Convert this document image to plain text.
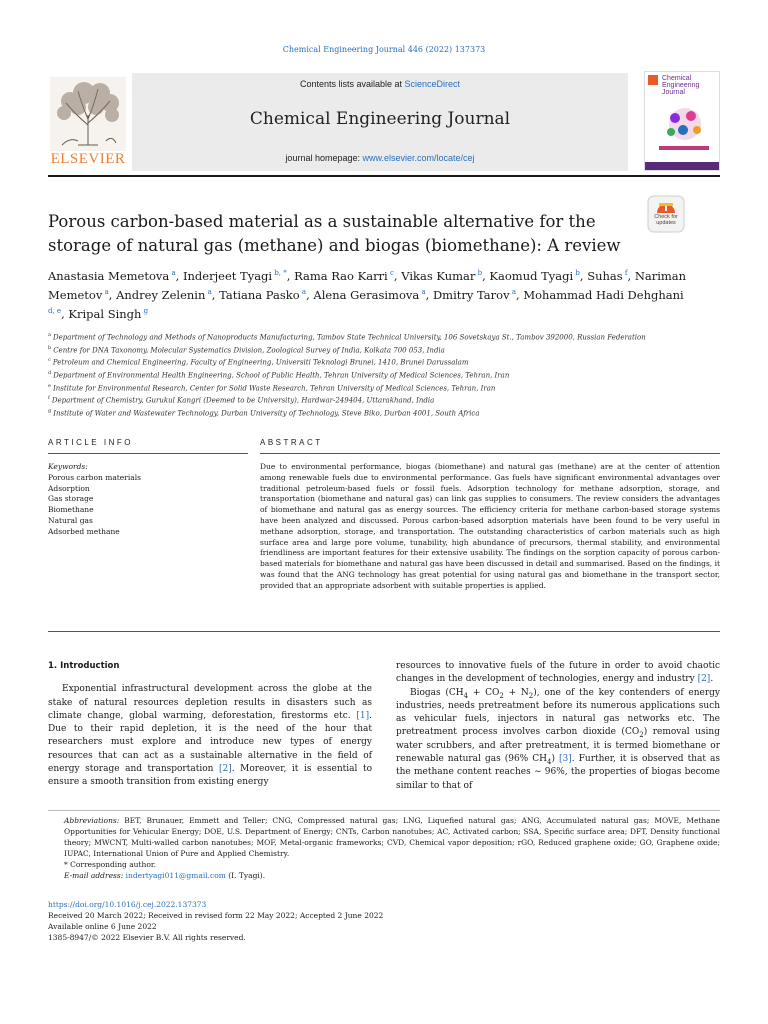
Chemical Engineering Journal 446 (2022) 137373
ELSEVIER
Contents lists available at ScienceDirect
Chemical Engineering Journal
journal homepage: www.elsevier.com/locate/cej
Chemical Engineering Journal
Porous carbon-based material as a sustainable alternative for the storage of natural gas (methane) and biogas (biomethane): A review
Check for updates
Anastasia Memetova $^a$, Inderjeet Tyagi $^{b, *}$, Rama Rao Karri $^c$, Vikas Kumar $^b$, Kaomud Tyagi $^b$, Suhas $^f$, Nariman Memetov $^a$, Andrey Zelenin $^a$, Tatiana Pasko $^a$, Alena Gerasimova $^a$, Dmitry Tarov $^a$, Mohammad Hadi Dehghani $^{d, e}$, Kripal Singh $^g$
$^a$ Department of Technology and Methods of Nanoproducts Manufacturing, Tambov State Technical University, 106 Sovetskaya St., Tambov 392000, Russian Federation
$^b$ Centre for DNA Taxonomy, Molecular Systematics Division, Zoological Survey of India, Kolkata 700 053, India
$^c$ Petroleum and Chemical Engineering, Faculty of Engineering, Universiti Teknologi Brunei, 1410, Brunei Darussalam
$^d$ Department of Environmental Health Engineering, School of Public Health, Tehran University of Medical Sciences, Tehran, Iran
$^e$ Institute for Environmental Research, Center for Solid Waste Research, Tehran University of Medical Sciences, Tehran, Iran
$^f$ Department of Chemistry, Gurukul Kangri (Deemed to be University), Hardwar-249404, Uttarakhand, India
$^g$ Institute of Water and Wastewater Technology, Durban University of Technology, Steve Biko, Durban 4001, South Africa
ARTICLE INFO	ABSTRACT
Keywords:
Porous carbon materials
Adsorption
Gas storage
Biomethane
Natural gas
Adsorbed methane
Due to environmental performance, biogas (biomethane) and natural gas (methane) are at the center of attention among renewable fuels due to environmental performance. Gas fuels have significant environmental advantages over traditional petroleum-based fuels or fossil fuels. Adsorption technology for methane adsorption, storage, and transportation (biomethane and natural gas) can link gas supplies to consumers. The review considers the advantages of biomethane and natural gas as energy sources. The efficiency criteria for methane carbon-based storage systems have been analyzed and discussed. Porous carbon-based adsorption materials have been found to be very useful in methane adsorption, storage, and transportation. The outstanding characteristics of carbon materials such as high surface area and large pore volume, tunability, high abundance of precursors, thermal stability, and environmental friendliness are important features for their extensive usability. The findings on the sorption capacity of porous carbon-based materials for biomethane and natural gas have been discussed in detail and summarised. Based on the findings, it was found that the ANG technology has great potential for using natural gas and biomethane in the transport sector, provided that an appropriate adsorbent with suitable properties is applied.
1. Introduction

Exponential infrastructural development across the globe at the stake of natural resources depletion results in disasters such as climate change, global warming, deforestation, firestorms etc. [1]. Due to their rapid depletion, it is the need of the hour that researchers must explore and introduce new types of energy resources that can act as a sustainable alternative in the field of energy storage and transportation [2]. Moreover, it is essential to ensure a smooth transition from existing energy

resources to innovative fuels of the future in order to avoid chaotic changes in the development of technologies, energy and industry [2].

Biogas $(CH_4 + CO_2 + N_2)$, one of the key contenders of energy industries, needs pretreatment before its numerous applications such as vehicular fuels, injectors in natural gas networks etc. The pretreatment process involves carbon dioxide $(CO_2)$ removal using water scrubbers, and after pretreatment, it is termed biomethane or renewable natural gas (96% $CH_4$) [3]. Further, it is observed that as the methane content reaches ∼ 96%, the properties of biogas become similar to that of

Abbreviations: BET, Brunauer, Emmett and Teller; CNG, Compressed natural gas; LNG, Liquefied natural gas; ANG, Accumulated natural gas; MOVE, Methane Opportunities for Vehicular Energy; DOE, U.S. Department of Energy; CNTs, Carbon nanotubes; AC, Activated carbon; SSA, Specific surface area; DFT, Density functional theory; MWCNT, Multi-walled carbon nanotubes; MOF, Metal-organic frameworks; CVD, Chemical vapor deposition; rGO, Reduced graphene oxide; GO, Graphene oxide; IUPAC, International Union of Pure and Applied Chemistry.

* Corresponding author.

E-mail address: indertyagi011@gmail.com (I. Tyagi).

https://doi.org/10.1016/j.cej.2022.137373
Received 20 March 2022; Received in revised form 22 May 2022; Accepted 2 June 2022
Available online 6 June 2022
1385-8947/© 2022 Elsevier B.V. All rights reserved.
